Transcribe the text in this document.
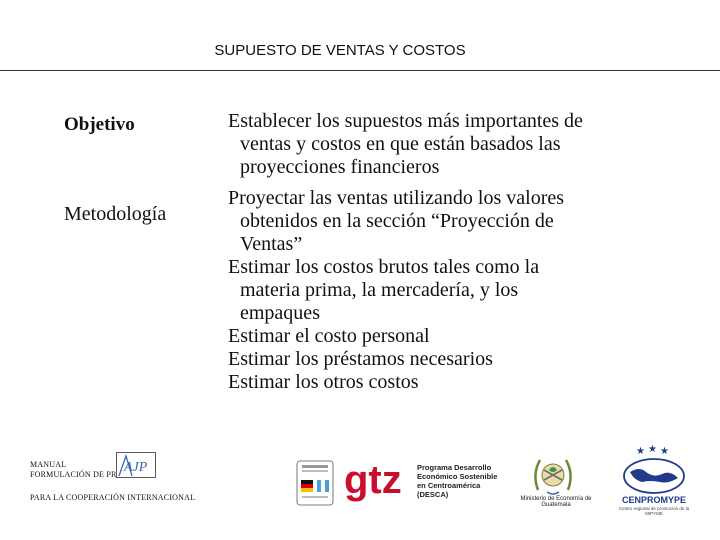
SUPUESTO DE VENTAS Y COSTOS
Objetivo
Metodología

Establecer los supuestos más importantes de
ventas y costos en que están basados las
proyecciones financieros

Proyectar las ventas utilizando los valores
obtenidos en la sección “Proyección de
Ventas”

Estimar los costos brutos tales como la
materia prima, la mercadería, y los
empaques

Estimar el costo personal

Estimar los préstamos necesarios

Estimar los otros costos

MANUAL
FORMULACIÓN DE PR AJP
PARA LA COOPERACIÓN INTERNACIONAL	gtz Programa Desarrollo
Económico Sostenible
en Centroamérica
(DESCA)	Ministerio de Economía de Guatemala
★ ★ ★
CENPROMYPE
Centro regional de promoción de la MIPYME
